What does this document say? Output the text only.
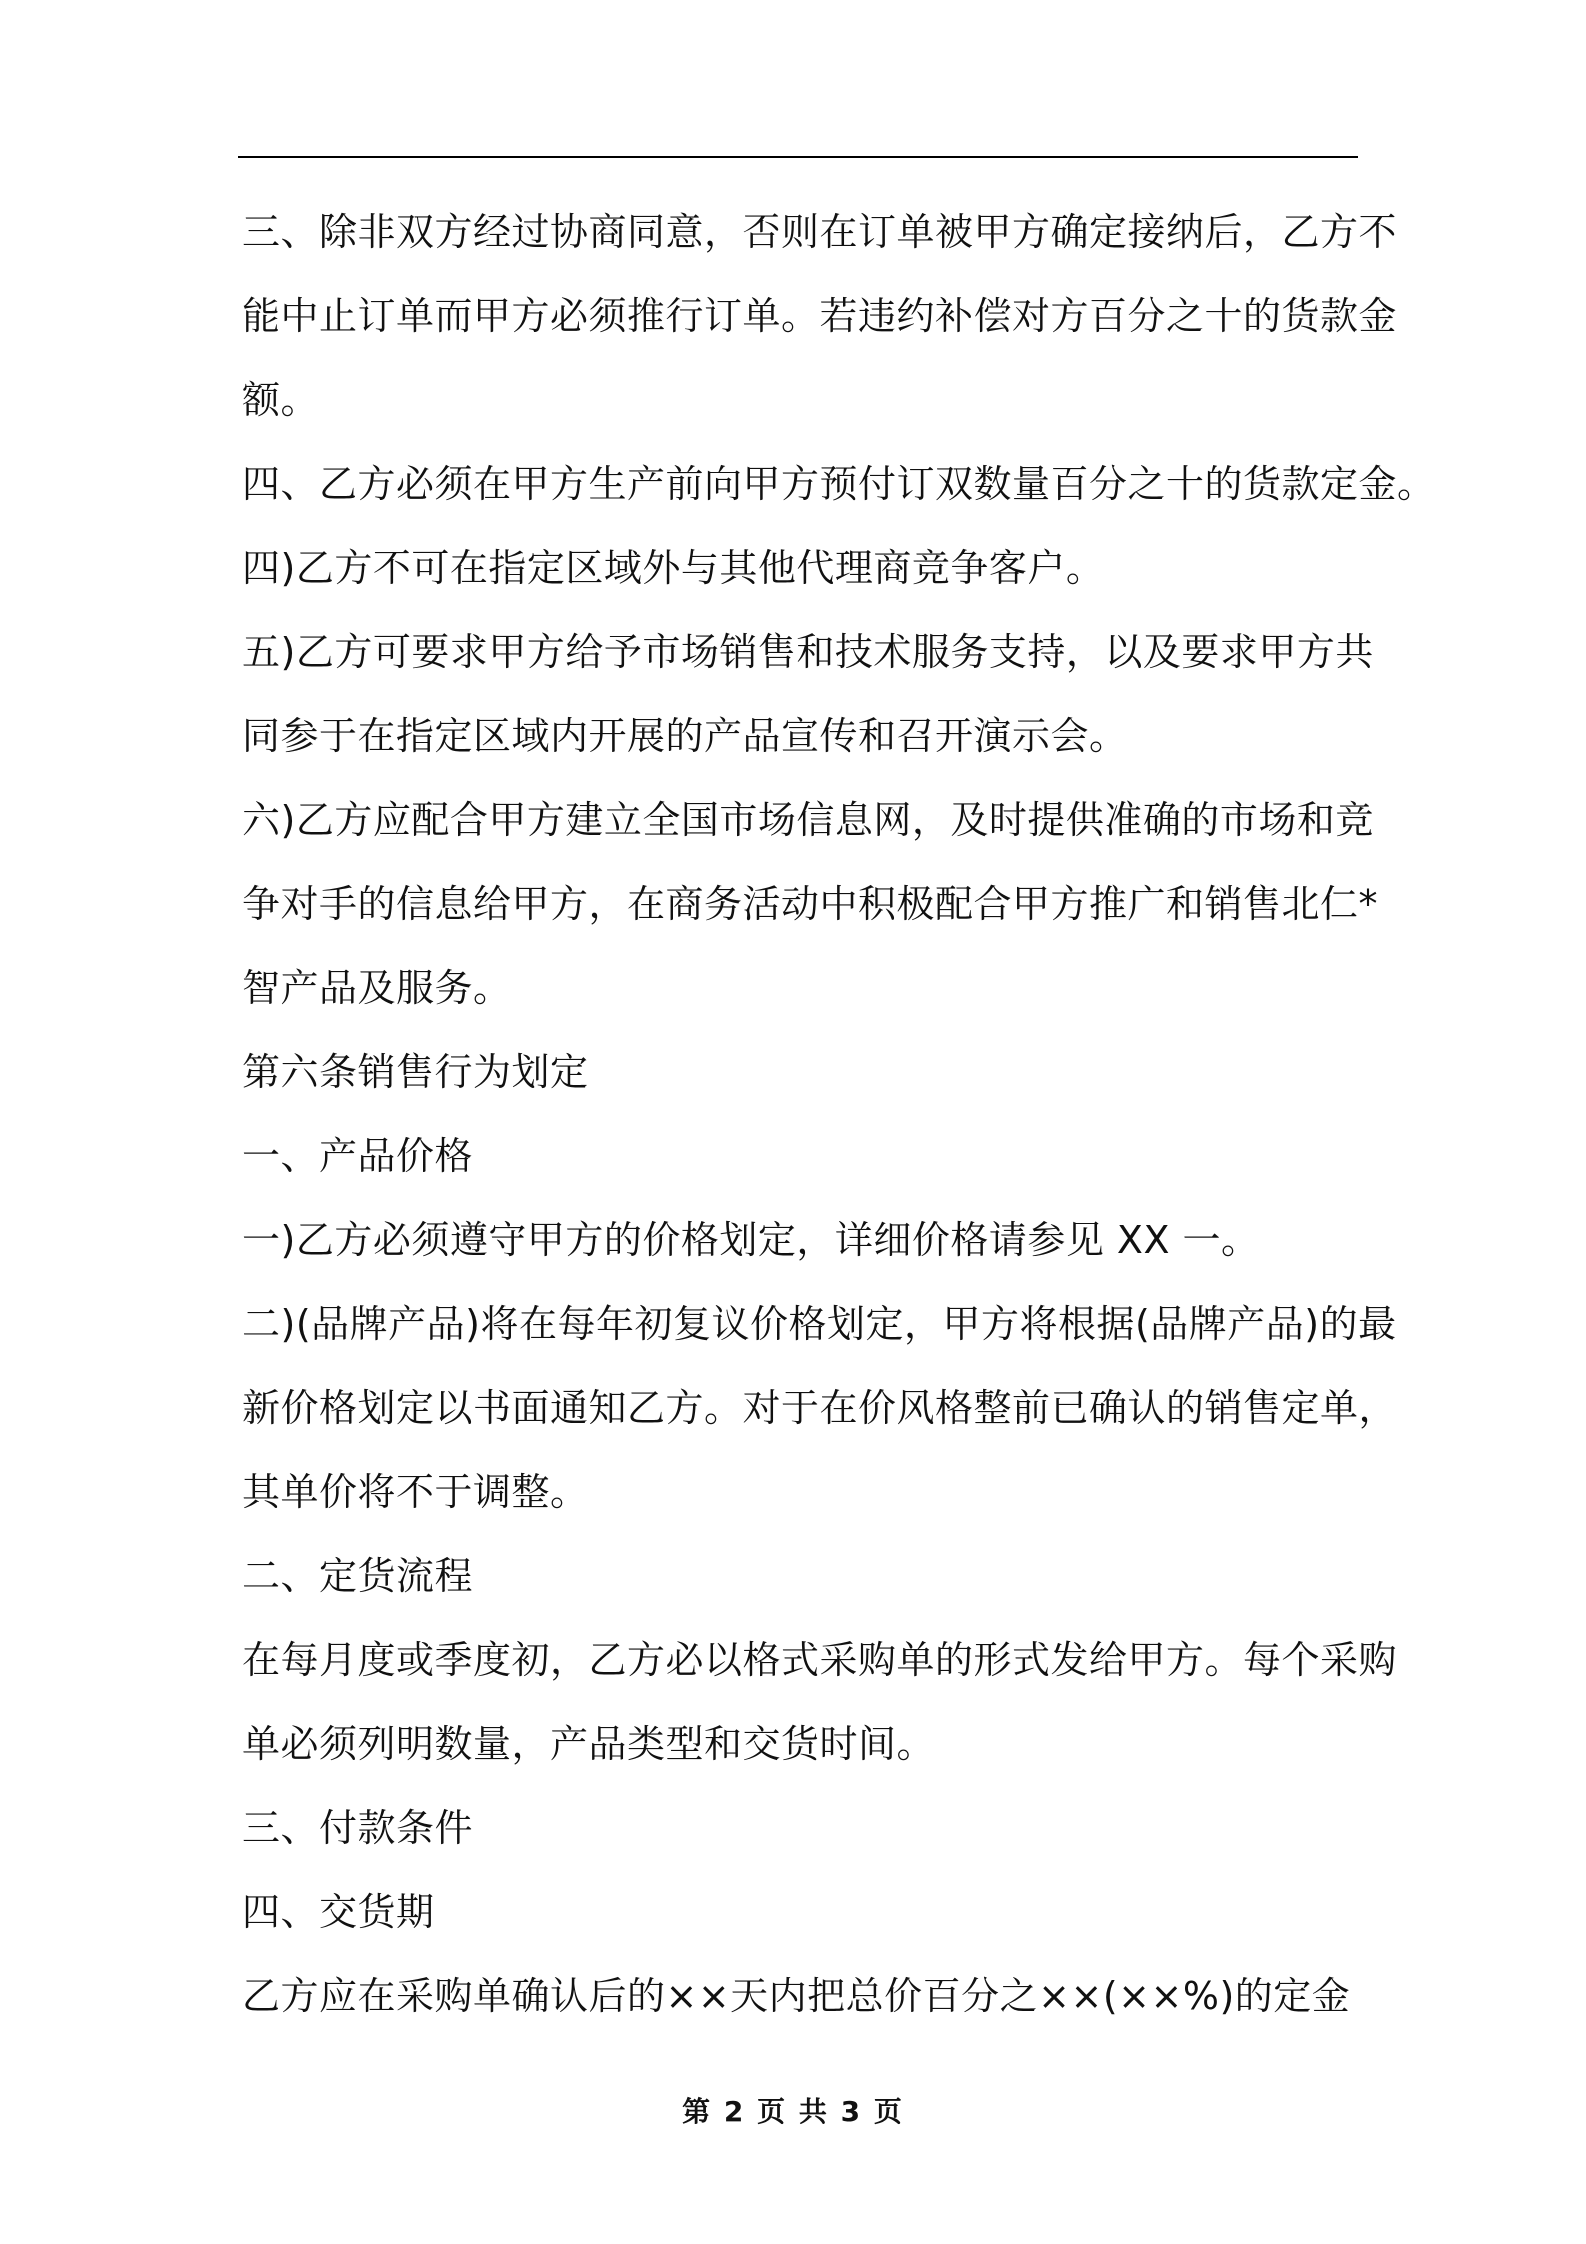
三、除非双方经过协商同意，否则在订单被甲方确定接纳后，乙方不
能中止订单而甲方必须推行订单。若违约补偿对方百分之十的货款金
额。
四、乙方必须在甲方生产前向甲方预付订双数量百分之十的货款定金。
四)乙方不可在指定区域外与其他代理商竞争客户。
五)乙方可要求甲方给予市场销售和技术服务支持，以及要求甲方共
同参于在指定区域内开展的产品宣传和召开演示会。
六)乙方应配合甲方建立全国市场信息网，及时提供准确的市场和竞
争对手的信息给甲方，在商务活动中积极配合甲方推广和销售北仁*
智产品及服务。
第六条销售行为划定
一、产品价格
一)乙方必须遵守甲方的价格划定，详细价格请参见 XX 一。
二)(品牌产品)将在每年初复议价格划定，甲方将根据(品牌产品)的最
新价格划定以书面通知乙方。对于在价风格整前已确认的销售定单，
其单价将不于调整。
二、定货流程
在每月度或季度初，乙方必以格式采购单的形式发给甲方。每个采购
单必须列明数量，产品类型和交货时间。
三、付款条件
四、交货期
乙方应在采购单确认后的××天内把总价百分之××(××%)的定金
第 2 页 共 3 页
